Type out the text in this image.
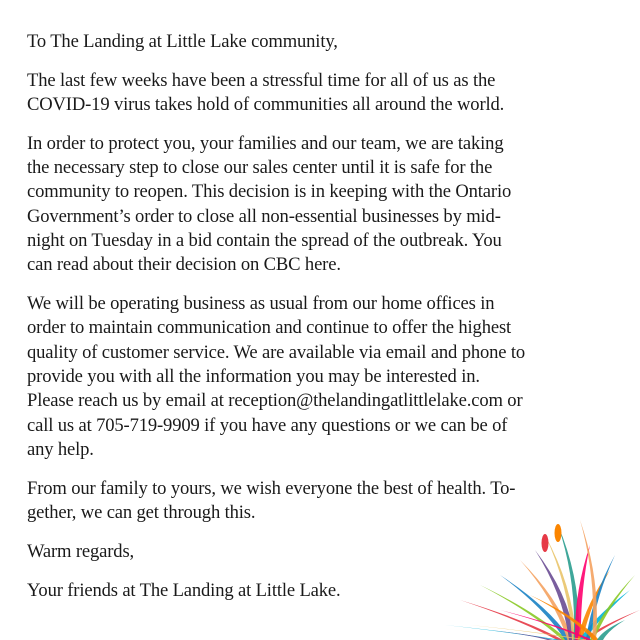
To The Landing at Little Lake community,

The last few weeks have been a stressful time for all of us as the
COVID-19 virus takes hold of communities all around the world.

In order to protect you, your families and our team, we are taking
the necessary step to close our sales center until it is safe for the
community to reopen. This decision is in keeping with the Ontario
Government’s order to close all non-essential businesses by mid-
night on Tuesday in a bid contain the spread of the outbreak. You
can read about their decision on CBC here.

We will be operating business as usual from our home offices in
order to maintain communication and continue to offer the highest
quality of customer service. We are available via email and phone to
provide you with all the information you may be interested in.
Please reach us by email at reception@thelandingatlittlelake.com or
call us at 705-719-9909 if you have any questions or we can be of
any help.

From our family to yours, we wish everyone the best of health. To-
gether, we can get through this.

Warm regards,

Your friends at The Landing at Little Lake.
